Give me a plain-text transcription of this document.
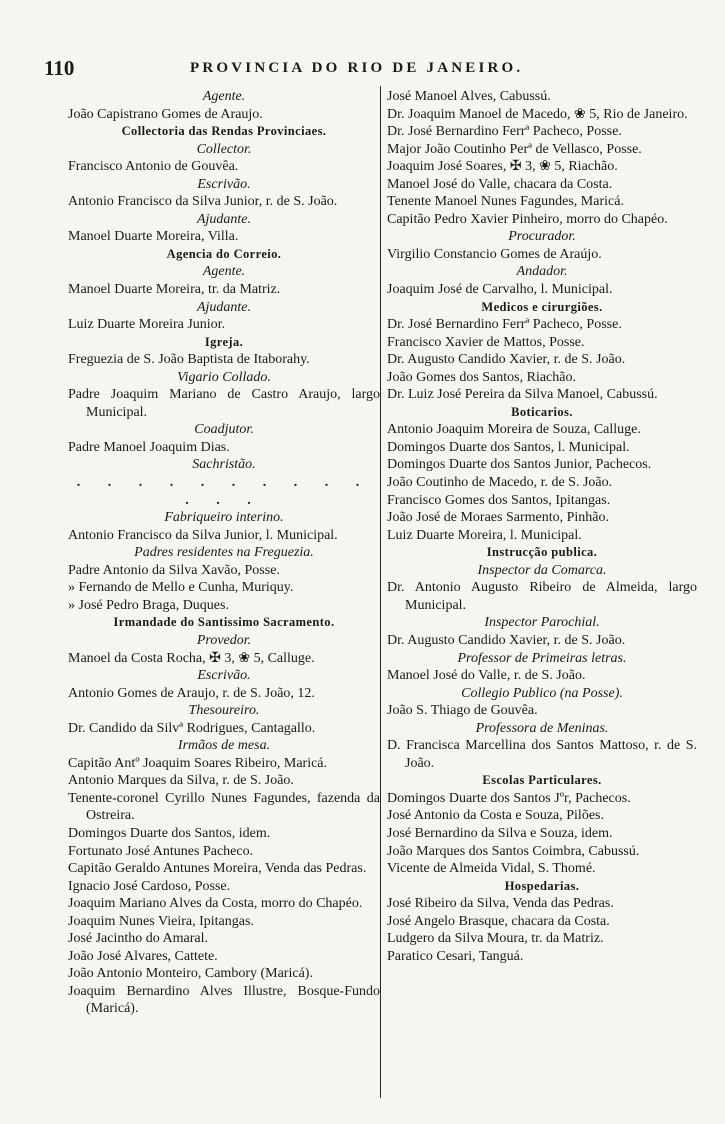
110	PROVINCIA DO RIO DE JANEIRO.

Agente.

João Capistrano Gomes de Araujo.

Collectoria das Rendas Provinciaes.

Collector.

Francisco Antonio de Gouvêa.

Escrivão.

Antonio Francisco da Silva Junior, r. de S. João.

Ajudante.

Manoel Duarte Moreira, Villa.

Agencia do Correio.

Agente.

Manoel Duarte Moreira, tr. da Matriz.

Ajudante.

Luiz Duarte Moreira Junior.

Igreja.

Freguezia de S. João Baptista de Itaborahy.

Vigario Collado.

Padre Joaquim Mariano de Castro Araujo, largo Municipal.

Coadjutor.

Padre Manoel Joaquim Dias.

Sachristão.

. . . . . . . . . . . . .

Fabriqueiro interino.

Antonio Francisco da Silva Junior, l. Municipal.

Padres residentes na Freguezia.

Padre Antonio da Silva Xavão, Posse.

» Fernando de Mello e Cunha, Muriquy.

» José Pedro Braga, Duques.

Irmandade do Santissimo Sacramento.

Provedor.

Manoel da Costa Rocha, ✠ 3, ❀ 5, Calluge.

Escrivão.

Antonio Gomes de Araujo, r. de S. João, 12.

Thesoureiro.

Dr. Candido da Silvª Rodrigues, Cantagallo.

Irmãos de mesa.

Capitão Antº Joaquim Soares Ribeiro, Maricá.

Antonio Marques da Silva, r. de S. João.

Tenente-coronel Cyrillo Nunes Fagundes, fazenda da Ostreira.

Domingos Duarte dos Santos, idem.

Fortunato José Antunes Pacheco.

Capitão Geraldo Antunes Moreira, Venda das Pedras.

Ignacio José Cardoso, Posse.

Joaquim Mariano Alves da Costa, morro do Chapéo.

Joaquim Nunes Vieira, Ipitangas.

José Jacintho do Amaral.

João José Alvares, Cattete.

João Antonio Monteiro, Cambory (Maricá).

Joaquim Bernardino Alves Illustre, Bosque-Fundo (Maricá).

José Manoel Alves, Cabussú.

Dr. Joaquim Manoel de Macedo, ❀ 5, Rio de Janeiro.

Dr. José Bernardino Ferrª Pacheco, Posse.

Major João Coutinho Perª de Vellasco, Posse.

Joaquim José Soares, ✠ 3, ❀ 5, Riachão.

Manoel José do Valle, chacara da Costa.

Tenente Manoel Nunes Fagundes, Maricá.

Capitão Pedro Xavier Pinheiro, morro do Chapéo.

Procurador.

Virgilio Constancio Gomes de Araújo.

Andador.

Joaquim José de Carvalho, l. Municipal.

Medicos e cirurgiões.

Dr. José Bernardino Ferrª Pacheco, Posse.

Francisco Xavier de Mattos, Posse.

Dr. Augusto Candido Xavier, r. de S. João.

João Gomes dos Santos, Riachão.

Dr. Luiz José Pereira da Silva Manoel, Cabussú.

Boticarios.

Antonio Joaquim Moreira de Souza, Calluge.

Domingos Duarte dos Santos, l. Municipal.

Domingos Duarte dos Santos Junior, Pachecos.

João Coutinho de Macedo, r. de S. João.

Francisco Gomes dos Santos, Ipitangas.

João José de Moraes Sarmento, Pinhão.

Luiz Duarte Moreira, l. Municipal.

Instrucção publica.

Inspector da Comarca.

Dr. Antonio Augusto Ribeiro de Almeida, largo Municipal.

Inspector Parochial.

Dr. Augusto Candido Xavier, r. de S. João.

Professor de Primeiras letras.

Manoel José do Valle, r. de S. João.

Collegio Publico (na Posse).

João S. Thiago de Gouvêa.

Professora de Meninas.

D. Francisca Marcellina dos Santos Mattoso, r. de S. João.

Escolas Particulares.

Domingos Duarte dos Santos Jºr, Pachecos.

José Antonio da Costa e Souza, Pilões.

José Bernardino da Silva e Souza, idem.

João Marques dos Santos Coimbra, Cabussú.

Vicente de Almeida Vidal, S. Thomé.

Hospedarias.

José Ribeiro da Silva, Venda das Pedras.

José Angelo Brasque, chacara da Costa.

Ludgero da Silva Moura, tr. da Matriz.

Paratico Cesari, Tanguá.
